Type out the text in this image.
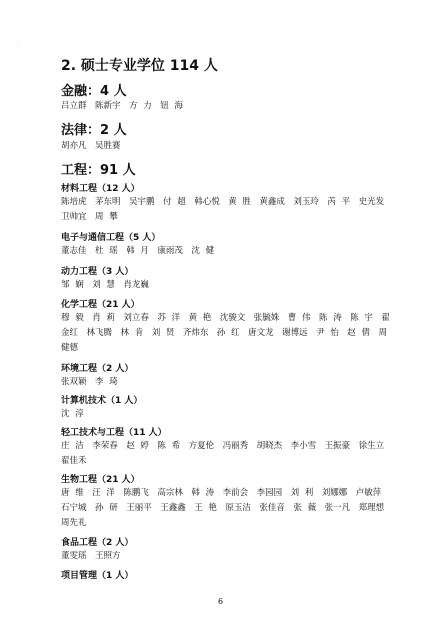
'
2. 硕士专业学位 114 人
金融：4 人
吕立群　陈新宇　方 力　钮 海
法律：2 人
胡亦凡　吴胜赛
工程：91 人
材料工程（12 人）
陈培虎　茅东明　吴宇鹏　付 超　韩心悦　黄 胜　黄鑫成　刘玉玲　芮 平　史光发　卫帅宜　周 攀
电子与通信工程（5 人）
董志佳　杜 瑶　韩 月　康雨茂　沈 健
动力工程（3 人）
邹 娴　刘 慧　肖龙巍
化学工程（21 人）
穆 毅　肖 莉　刘立春　苏 洋　黄 艳　沈骏文　张毓姝　曹 伟　陈 涛　陈 宇　翟金红　林飞腾　林 肯　刘 贤　齐炜东　孙 红　唐文龙　谢博远　尹 怡　赵 倩　周健德
环境工程（2 人）
张双颖　李 琦
计算机技术（1 人）
沈 淳
轻工技术与工程（11 人）
庄 洁　李荣春　赵 婷　陈 希　方夏伦　冯丽秀　胡晓杰　李小雪　王振豪　徐生立　翟佳禾
生物工程（21 人）
唐 维　汪 洋　陈鹏飞　高宗林　韩 涛　李前会　李园园　刘 利　刘娜娜　卢敏萍　石宁城　孙 研　王丽平　王鑫鑫　王 艳　原玉洁　张佳音　张 薇　张一凡　郑理想　周先礼
食品工程（2 人）
董雯瑶　王照方
项目管理（1 人）
6
